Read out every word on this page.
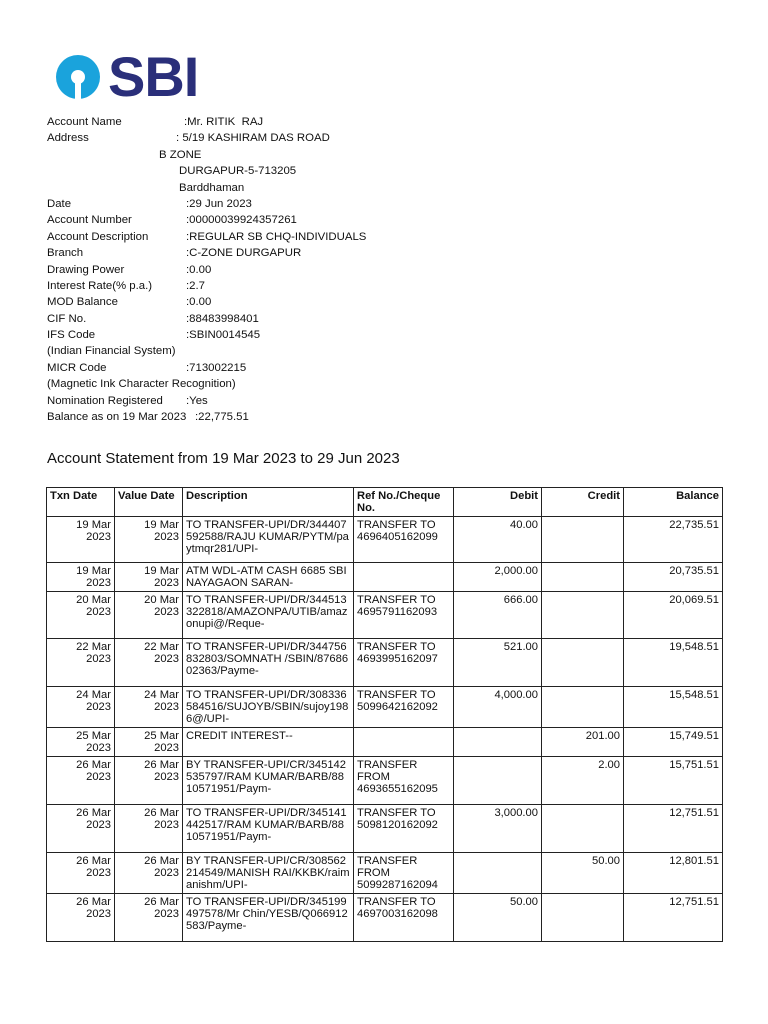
SBI
Account Name	:Mr. RITIK  RAJ
Address	: 5/19 KASHIRAM DAS ROAD
B ZONE
DURGAPUR-5-713205
Barddhaman
Date	:29 Jun 2023
Account Number	:00000039924357261
Account Description	:REGULAR SB CHQ-INDIVIDUALS
Branch	:C-ZONE DURGAPUR
Drawing Power	:0.00
Interest Rate(% p.a.)	:2.7
MOD Balance	:0.00
CIF No.	:88483998401
IFS Code	:SBIN0014545
(Indian Financial System)
MICR Code	:713002215
(Magnetic Ink Character Recognition)
Nomination Registered :Yes
Balance as on 19 Mar 2023 :22,775.51
Account Statement from 19 Mar 2023 to 29 Jun 2023
Txn Date	Value Date	Description	Ref No./Cheque No.	Debit	Credit	Balance
19 Mar 2023	19 Mar 2023	TO TRANSFER-UPI/DR/344407592588/RAJU KUMAR/PYTM/paytmqr281/UPI-	TRANSFER TO 4696405162099	40.00		22,735.51
19 Mar 2023	19 Mar 2023	ATM WDL-ATM CASH 6685 SBI NAYAGAON SARAN-		2,000.00		20,735.51
20 Mar 2023	20 Mar 2023	TO TRANSFER-UPI/DR/344513322818/AMAZONPA/UTIB/amazonupi@/Reque-	TRANSFER TO 4695791162093	666.00		20,069.51
22 Mar 2023	22 Mar 2023	TO TRANSFER-UPI/DR/344756832803/SOMNATH /SBIN/8768602363/Payme-	TRANSFER TO 4693995162097	521.00		19,548.51
24 Mar 2023	24 Mar 2023	TO TRANSFER-UPI/DR/308336584516/SUJOYB/SBIN/sujoy1986@/UPI-	TRANSFER TO 5099642162092	4,000.00		15,548.51
25 Mar 2023	25 Mar 2023	CREDIT INTEREST--			201.00	15,749.51
26 Mar 2023	26 Mar 2023	BY TRANSFER-UPI/CR/345142535797/RAM KUMAR/BARB/8810571951/Paym-	TRANSFER FROM 4693655162095		2.00	15,751.51
26 Mar 2023	26 Mar 2023	TO TRANSFER-UPI/DR/345141442517/RAM KUMAR/BARB/8810571951/Paym-	TRANSFER TO 5098120162092	3,000.00		12,751.51
26 Mar 2023	26 Mar 2023	BY TRANSFER-UPI/CR/308562214549/MANISH RAI/KKBK/raimanishm/UPI-	TRANSFER FROM 5099287162094		50.00	12,801.51
26 Mar 2023	26 Mar 2023	TO TRANSFER-UPI/DR/345199497578/Mr Chin/YESB/Q066912583/Payme-	TRANSFER TO 4697003162098	50.00		12,751.51
